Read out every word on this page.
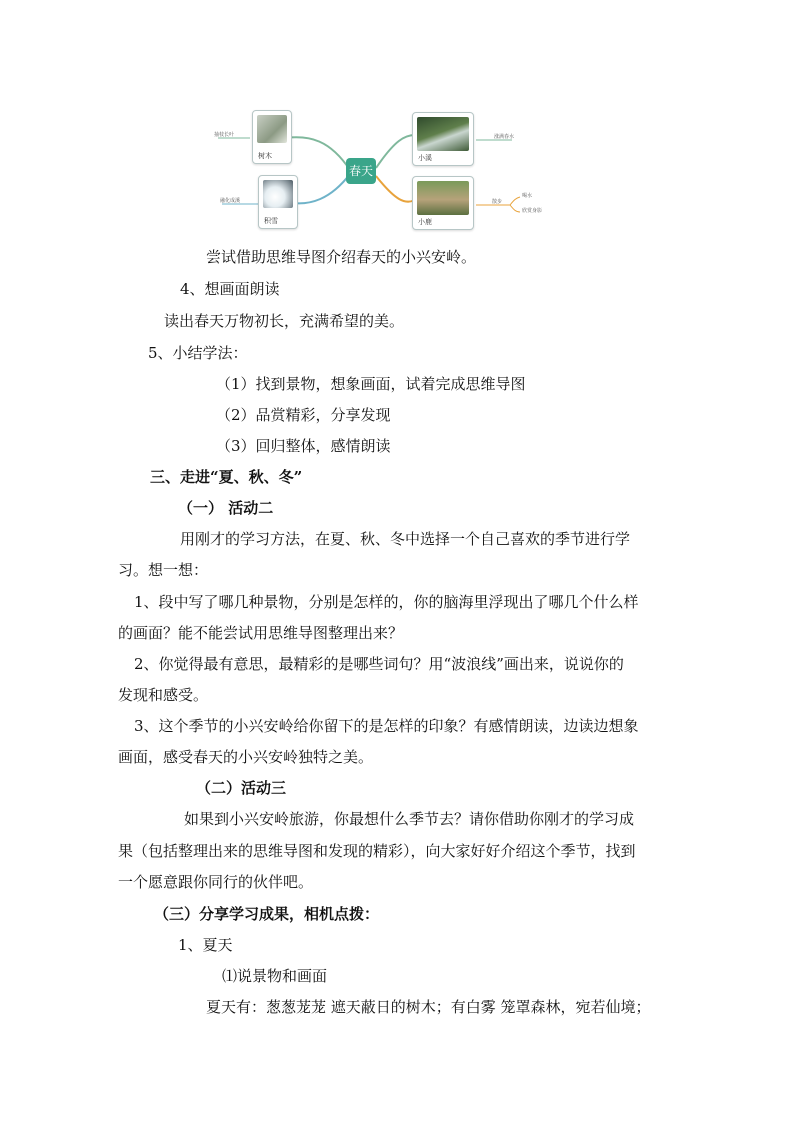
春天
树木
抽枝长叶
积雪
融化成溪
小溪
涨满春水
小鹿
散步
喝水
欣赏身影
尝试借助思维导图介绍春天的小兴安岭。
4、想画面朗读
读出春天万物初长，充满希望的美。
5、小结学法：
（1）找到景物，想象画面，试着完成思维导图
（2）品赏精彩，分享发现
（3）回归整体，感情朗读
三、走进“夏、秋、冬”
（一） 活动二
用刚才的学习方法，在夏、秋、冬中选择一个自己喜欢的季节进行学
习。想一想：
1、段中写了哪几种景物，分别是怎样的，你的脑海里浮现出了哪几个什么样
的画面？能不能尝试用思维导图整理出来？
2、你觉得最有意思，最精彩的是哪些词句？用“波浪线”画出来，说说你的
发现和感受。
3、这个季节的小兴安岭给你留下的是怎样的印象？有感情朗读，边读边想象
画面，感受春天的小兴安岭独特之美。
（二）活动三
如果到小兴安岭旅游，你最想什么季节去？请你借助你刚才的学习成
果（包括整理出来的思维导图和发现的精彩），向大家好好介绍这个季节，找到
一个愿意跟你同行的伙伴吧。
（三）分享学习成果，相机点拨：
1、夏天
⑴说景物和画面
夏天有：葱葱茏茏 遮天蔽日的树木；有白雾 笼罩森林，宛若仙境；
